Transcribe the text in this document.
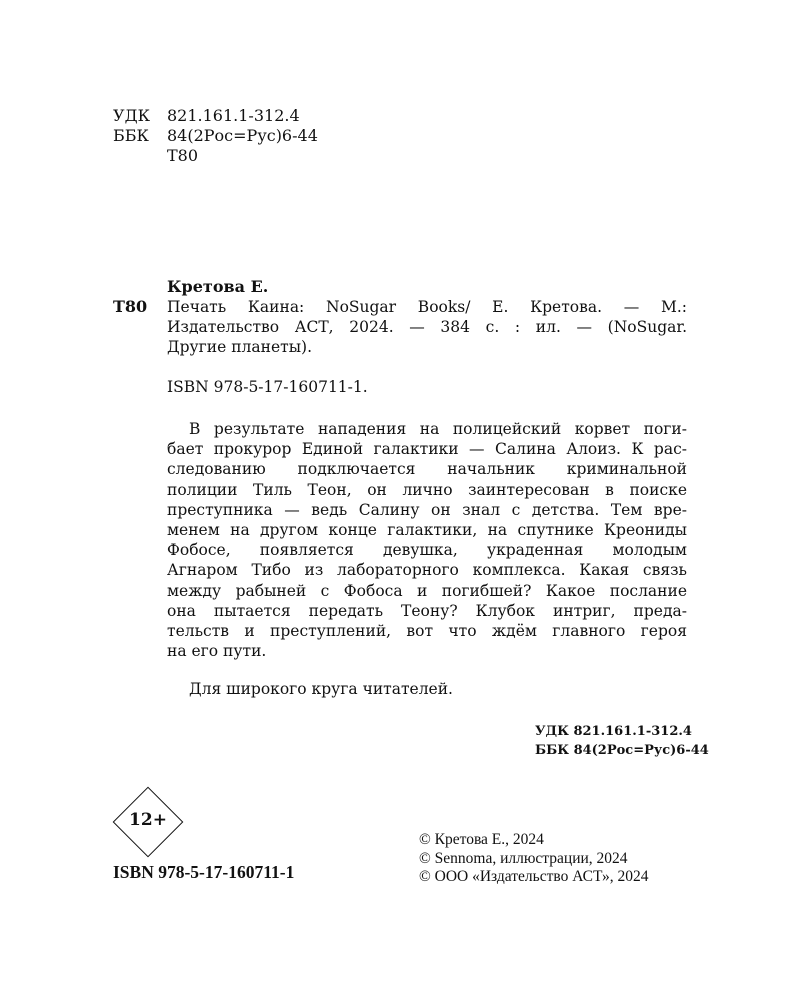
УДК 821.161.1-312.4
ББК 84(2Рос=Рус)6-44
Т80
Кретова Е.
Т80 Печать Каина: NoSugar Books/ Е. Кретова. — М.:
Издательство АСТ, 2024. — 384 с. : ил. — (NoSugar.
Другие планеты).
ISBN 978-5-17-160711-1.
В результате нападения на полицейский корвет поги-
бает прокурор Единой галактики — Салина Алоиз. К рас-
следованию подключается начальник криминальной
полиции Тиль Теон, он лично заинтересован в поиске
преступника — ведь Салину он знал с детства. Тем вре-
менем на другом конце галактики, на спутнике Креониды
Фобосе, появляется девушка, украденная молодым
Агнаром Тибо из лабораторного комплекса. Какая связь
между рабыней с Фобоса и погибшей? Какое послание
она пытается передать Теону? Клубок интриг, преда-
тельств и преступлений, вот что ждём главного героя
на его пути.
Для широкого круга читателей.
УДК 821.161.1-312.4
ББК 84(2Рос=Рус)6-44
12+
ISBN 978-5-17-160711-1
© Кретова Е., 2024
© Sennoma, иллюстрации, 2024
© ООО «Издательство АСТ», 2024
